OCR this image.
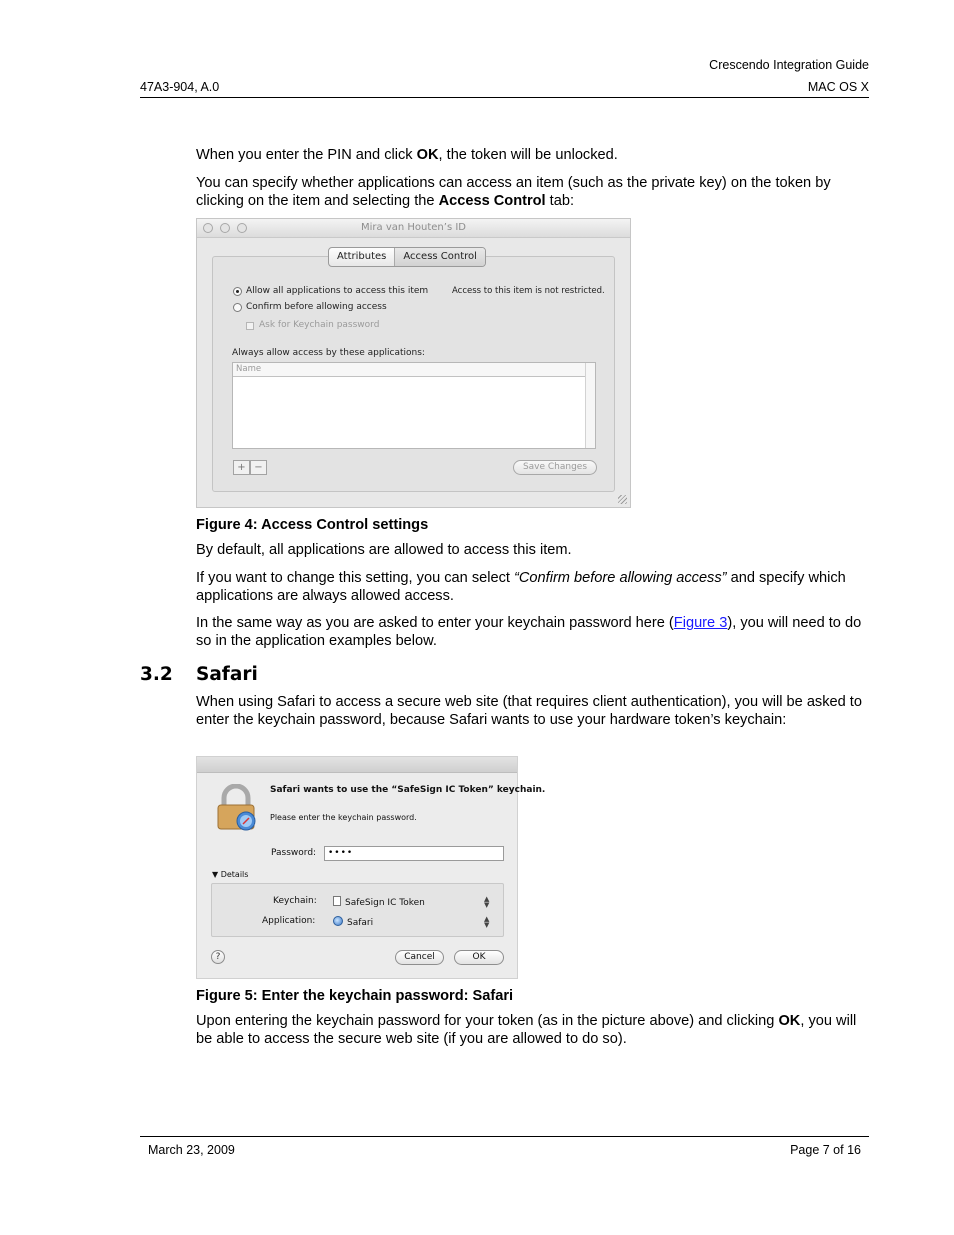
Crescendo Integration Guide
47A3-904, A.0	MAC OS X

When you enter the PIN and click OK, the token will be unlocked.

You can specify whether applications can access an item (such as the private key) on the token by clicking on the item and selecting the Access Control tab:

Mira van Houten’s ID
Attributes	Access Control
Allow all applications to access this item	Access to this item is not restricted.
Confirm before allowing access
Ask for Keychain password
Always allow access by these applications:
Name
+ −	Save Changes
Figure 4: Access Control settings

By default, all applications are allowed to access this item.

If you want to change this setting, you can select “Confirm before allowing access” and specify which applications are always allowed access.

In the same way as you are asked to enter your keychain password here (Figure 3), you will need to do so in the application examples below.

3.2 Safari

When using Safari to access a secure web site (that requires client authentication), you will be asked to enter the keychain password, because Safari wants to use your hardware token’s keychain:

Safari wants to use the “SafeSign IC Token” keychain.
Please enter the keychain password.
Password:	••••
▼ Details
Keychain:	SafeSign IC Token	▲
▼
Application:	Safari	▲
▼
?	Cancel	OK
Figure 5: Enter the keychain password: Safari

Upon entering the keychain password for your token (as in the picture above) and clicking OK, you will be able to access the secure web site (if you are allowed to do so).

March 23, 2009	Page 7 of 16
